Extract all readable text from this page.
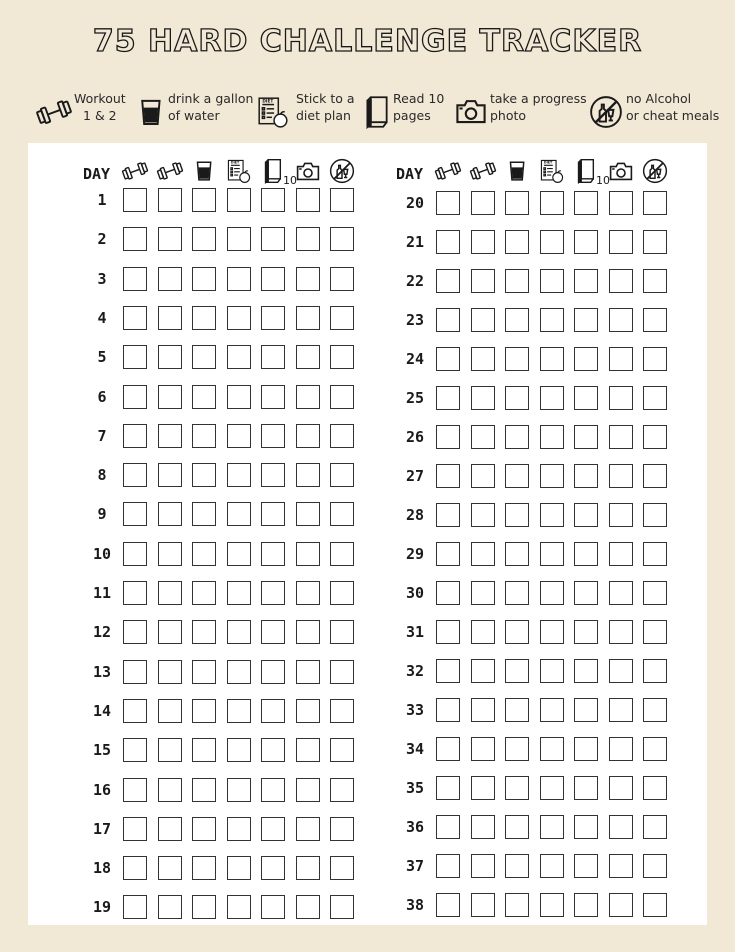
75 HARD CHALLENGE TRACKER
Workout
1 & 2
drink a gallon
of water
DIET Stick to a
diet plan
Read 10
pages
take a progress
photo
no Alcohol
or cheat meals
DAY
DIET
10
1
2
3
4
5
6
7
8
9
10
11
12
13
14
15
16
17
18
19
DAY
DIET
10
20
21
22
23
24
25
26
27
28
29
30
31
32
33
34
35
36
37
38
